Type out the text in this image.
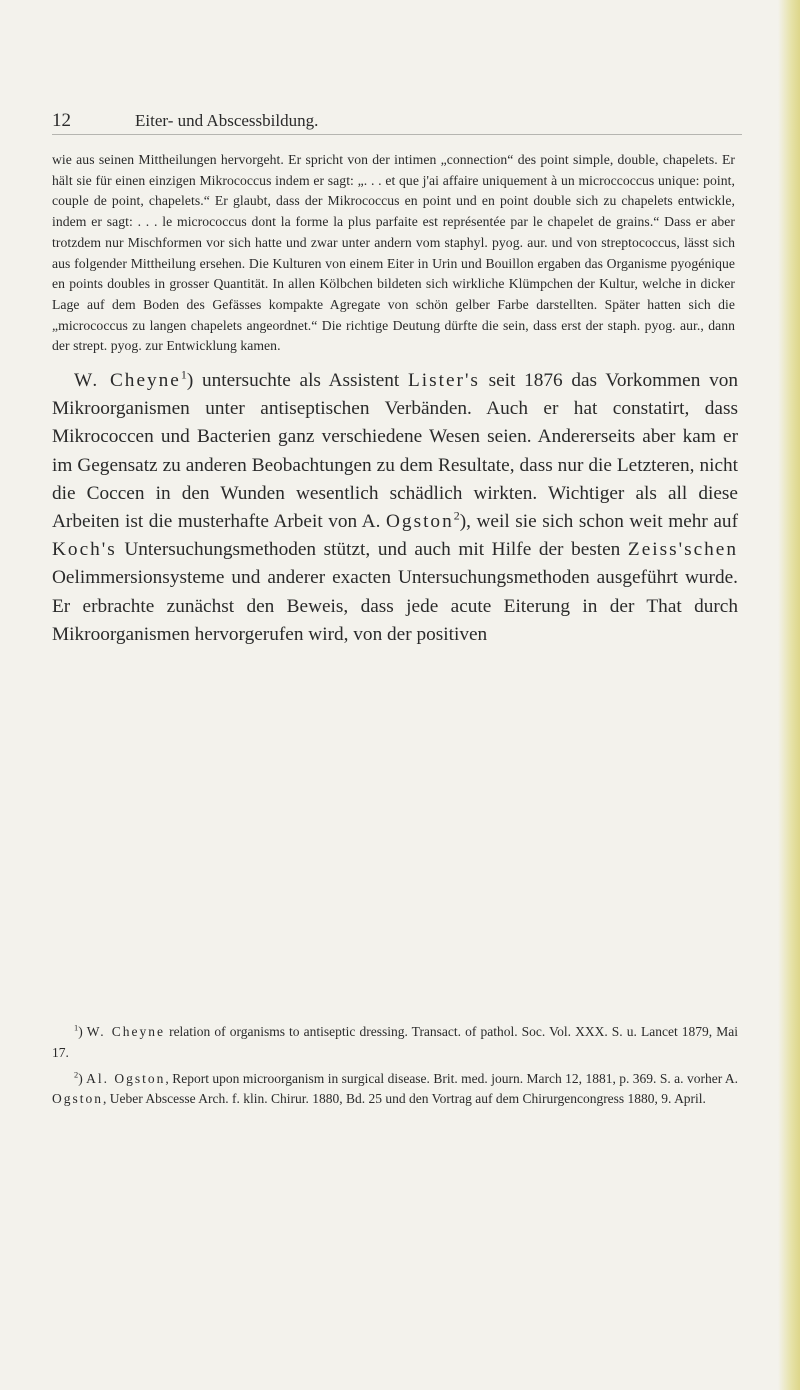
12	Eiter- und Abscessbildung.

wie aus seinen Mittheilungen hervorgeht. Er spricht von der intimen „connection“ des point simple, double, chapelets. Er hält sie für einen einzigen Mikrococcus indem er sagt: „. . . et que j'ai affaire uniquement à un microccoccus unique: point, couple de point, chapelets.“ Er glaubt, dass der Mikrococcus en point und en point double sich zu chapelets entwickle, indem er sagt: . . . le micrococcus dont la forme la plus parfaite est représentée par le chapelet de grains.“ Dass er aber trotzdem nur Mischformen vor sich hatte und zwar unter andern vom staphyl. pyog. aur. und von streptococcus, lässt sich aus folgender Mittheilung ersehen. Die Kulturen von einem Eiter in Urin und Bouillon ergaben das Organisme pyogénique en points doubles in grosser Quantität. In allen Kölbchen bildeten sich wirkliche Klümpchen der Kultur, welche in dicker Lage auf dem Boden des Gefässes kompakte Agregate von schön gelber Farbe darstellten. Später hatten sich die „micrococcus zu langen chapelets angeordnet.“ Die richtige Deutung dürfte die sein, dass erst der staph. pyog. aur., dann der strept. pyog. zur Entwicklung kamen.

W. Cheyne$^1$) untersuchte als Assistent Lister's seit 1876 das Vorkommen von Mikroorganismen unter antiseptischen Verbänden. Auch er hat constatirt, dass Mikrococcen und Bacterien ganz verschiedene Wesen seien. Andererseits aber kam er im Gegensatz zu anderen Beobachtungen zu dem Resultate, dass nur die Letzteren, nicht die Coccen in den Wunden wesentlich schädlich wirkten. Wichtiger als all diese Arbeiten ist die musterhafte Arbeit von A. Ogston$^2$), weil sie sich schon weit mehr auf Koch's Untersuchungsmethoden stützt, und auch mit Hilfe der besten Zeiss'schen Oelimmersionsysteme und anderer exacten Untersuchungsmethoden ausgeführt wurde. Er erbrachte zunächst den Beweis, dass jede acute Eiterung in der That durch Mikroorganismen hervorgerufen wird, von der positiven

$^1$) W. Cheyne relation of organisms to antiseptic dressing. Transact. of pathol. Soc. Vol. XXX. S. u. Lancet 1879, Mai 17.

$^2$) Al. Ogston, Report upon microorganism in surgical disease. Brit. med. journ. March 12, 1881, p. 369. S. a. vorher A. Ogston, Ueber Abscesse Arch. f. klin. Chirur. 1880, Bd. 25 und den Vortrag auf dem Chirurgencongress 1880, 9. April.
